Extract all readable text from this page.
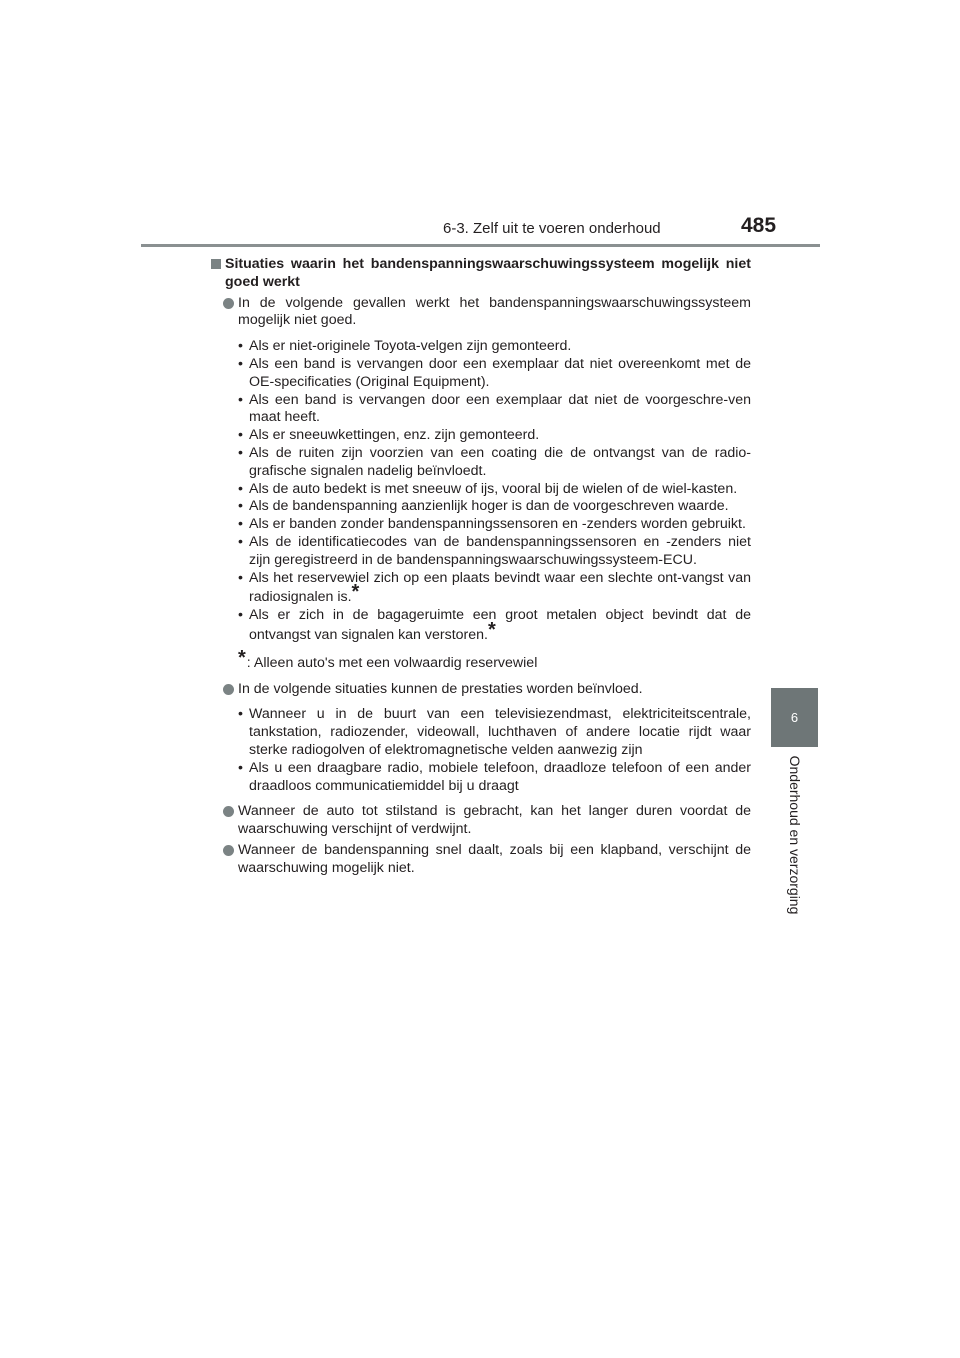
6-3. Zelf uit te voeren onderhoud	485
6
Onderhoud en verzorging
Situaties waarin het bandenspanningswaarschuwingssysteem mogelijk niet goed werkt
In de volgende gevallen werkt het bandenspanningswaarschuwingssysteem mogelijk niet goed.
• Als er niet-originele Toyota-velgen zijn gemonteerd.
• Als een band is vervangen door een exemplaar dat niet overeenkomt met de OE-specificaties (Original Equipment).
• Als een band is vervangen door een exemplaar dat niet de voorgeschre-ven maat heeft.
• Als er sneeuwkettingen, enz. zijn gemonteerd.
• Als de ruiten zijn voorzien van een coating die de ontvangst van de radio-grafische signalen nadelig beïnvloedt.
• Als de auto bedekt is met sneeuw of ijs, vooral bij de wielen of de wiel-kasten.
• Als de bandenspanning aanzienlijk hoger is dan de voorgeschreven waarde.
• Als er banden zonder bandenspanningssensoren en -zenders worden gebruikt.
• Als de identificatiecodes van de bandenspanningssensoren en -zenders niet zijn geregistreerd in de bandenspanningswaarschuwingssysteem-ECU.
• Als het reservewiel zich op een plaats bevindt waar een slechte ont-vangst van radiosignalen is.*
• Als er zich in de bagageruimte een groot metalen object bevindt dat de ontvangst van signalen kan verstoren.*
*: Alleen auto's met een volwaardig reservewiel
In de volgende situaties kunnen de prestaties worden beïnvloed.
• Wanneer u in de buurt van een televisiezendmast, elektriciteitscentrale, tankstation, radiozender, videowall, luchthaven of andere locatie rijdt waar sterke radiogolven of elektromagnetische velden aanwezig zijn
• Als u een draagbare radio, mobiele telefoon, draadloze telefoon of een ander draadloos communicatiemiddel bij u draagt
Wanneer de auto tot stilstand is gebracht, kan het langer duren voordat de waarschuwing verschijnt of verdwijnt.
Wanneer de bandenspanning snel daalt, zoals bij een klapband, verschijnt de waarschuwing mogelijk niet.
